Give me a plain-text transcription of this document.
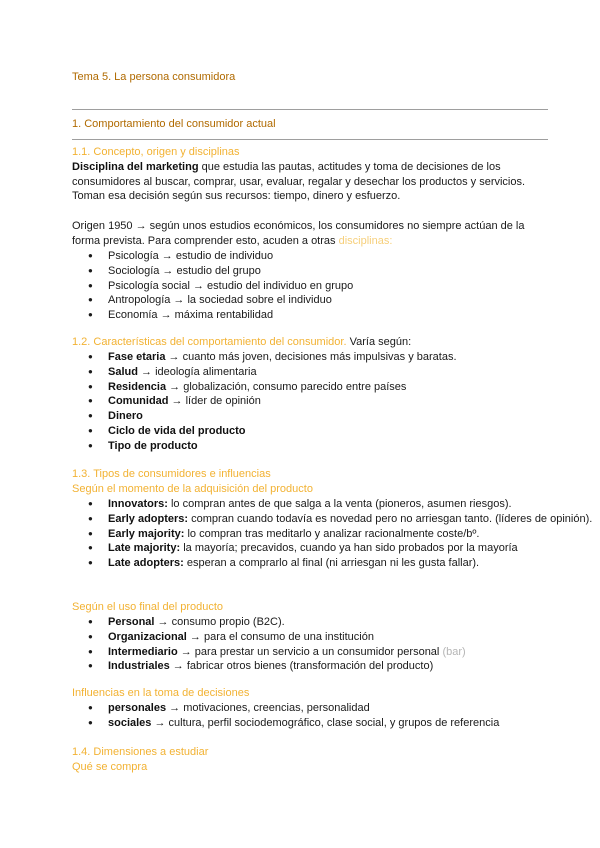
Tema 5. La persona consumidora
1. Comportamiento del consumidor actual
1.1. Concepto, origen y disciplinas

Disciplina del marketing que estudia las pautas, actitudes y toma de decisiones de los consumidores al buscar, comprar, usar, evaluar, regalar y desechar los productos y servicios. Toman esa decisión según sus recursos: tiempo, dinero y esfuerzo.

Origen 1950 → según unos estudios económicos, los consumidores no siempre actúan de la forma prevista. Para comprender esto, acuden a otras disciplinas:

● Psicología → estudio de individuo
● Sociología → estudio del grupo
● Psicología social → estudio del individuo en grupo
● Antropología → la sociedad sobre el individuo
● Economía → máxima rentabilidad

1.2. Características del comportamiento del consumidor. Varía según:

● Fase etaria → cuanto más joven, decisiones más impulsivas y baratas.
● Salud → ideología alimentaria
● Residencia → globalización, consumo parecido entre países
● Comunidad → líder de opinión
● Dinero
● Ciclo de vida del producto
● Tipo de producto
1.3. Tipos de consumidores e influencias
Según el momento de la adquisición del producto
● Innovators: lo compran antes de que salga a la venta (pioneros, asumen riesgos).
● Early adopters: compran cuando todavía es novedad pero no arriesgan tanto. (líderes de opinión).
● Early majority: lo compran tras meditarlo y analizar racionalmente coste/bº.
● Late majority: la mayoría; precavidos, cuando ya han sido probados por la mayoría
● Late adopters: esperan a comprarlo al final (ni arriesgan ni les gusta fallar).
Según el uso final del producto
● Personal → consumo propio (B2C).
● Organizacional → para el consumo de una institución
● Intermediario → para prestar un servicio a un consumidor personal (bar)
● Industriales → fabricar otros bienes (transformación del producto)
Influencias en la toma de decisiones
● personales → motivaciones, creencias, personalidad
● sociales → cultura, perfil sociodemográfico, clase social, y grupos de referencia
1.4. Dimensiones a estudiar
Qué se compra
